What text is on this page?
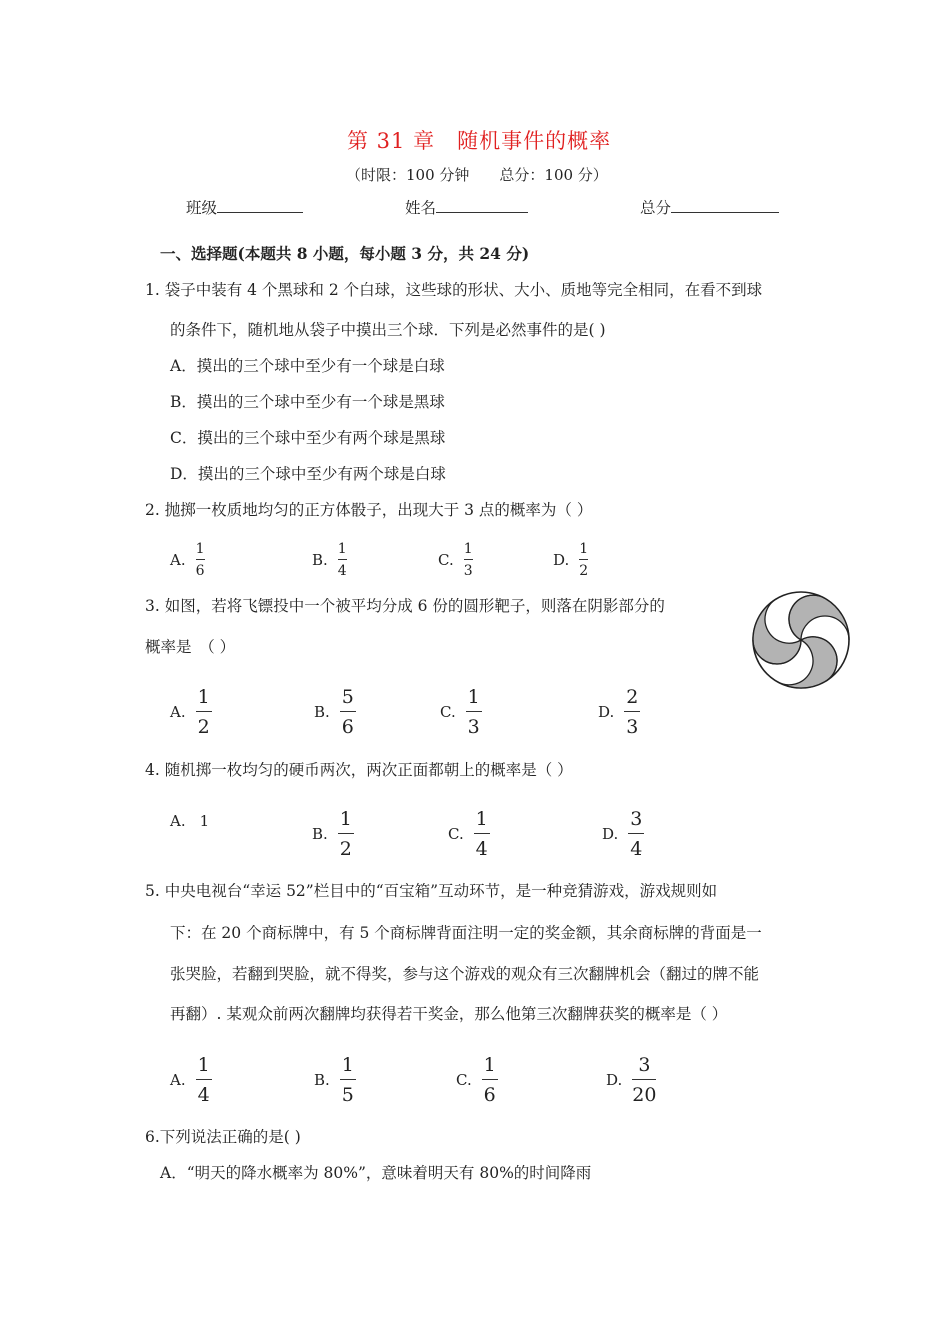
第 31 章　随机事件的概率
（时限：100 分钟　　总分：100 分）
班级	姓名	总分
一、选择题(本题共 8 小题，每小题 3 分，共 24 分)
1. 袋子中装有 4 个黑球和 2 个白球，这些球的形状、大小、质地等完全相同，在看不到球
的条件下，随机地从袋子中摸出三个球．下列是必然事件的是( )
A．摸出的三个球中至少有一个球是白球
B．摸出的三个球中至少有一个球是黑球
C．摸出的三个球中至少有两个球是黑球
D．摸出的三个球中至少有两个球是白球
2. 抛掷一枚质地均匀的正方体骰子，出现大于 3 点的概率为（ ）
A. $\frac{1}{6}$	B. $\frac{1}{4}$	C. $\frac{1}{3}$	D. $\frac{1}{2}$
3. 如图，若将飞镖投中一个被平均分成 6 份的圆形靶子，则落在阴影部分的
概率是　（ ）
A. $\frac{1}{2}$	B. $\frac{5}{6}$	C. $\frac{1}{3}$	D. $\frac{2}{3}$
4. 随机掷一枚均匀的硬币两次，两次正面都朝上的概率是（ ）
A. 1
B. $\frac{1}{2}$	C. $\frac{1}{4}$	D. $\frac{3}{4}$
5. 中央电视台“幸运 52”栏目中的“百宝箱”互动环节，是一种竞猜游戏，游戏规则如
下：在 20 个商标牌中，有 5 个商标牌背面注明一定的奖金额，其余商标牌的背面是一
张哭脸，若翻到哭脸，就不得奖，参与这个游戏的观众有三次翻牌机会（翻过的牌不能
再翻）. 某观众前两次翻牌均获得若干奖金，那么他第三次翻牌获奖的概率是（ ）
A. $\frac{1}{4}$	B. $\frac{1}{5}$	C. $\frac{1}{6}$	D. $\frac{3}{20}$
6.下列说法正确的是( )
A．“明天的降水概率为 80%”，意味着明天有 80%的时间降雨
